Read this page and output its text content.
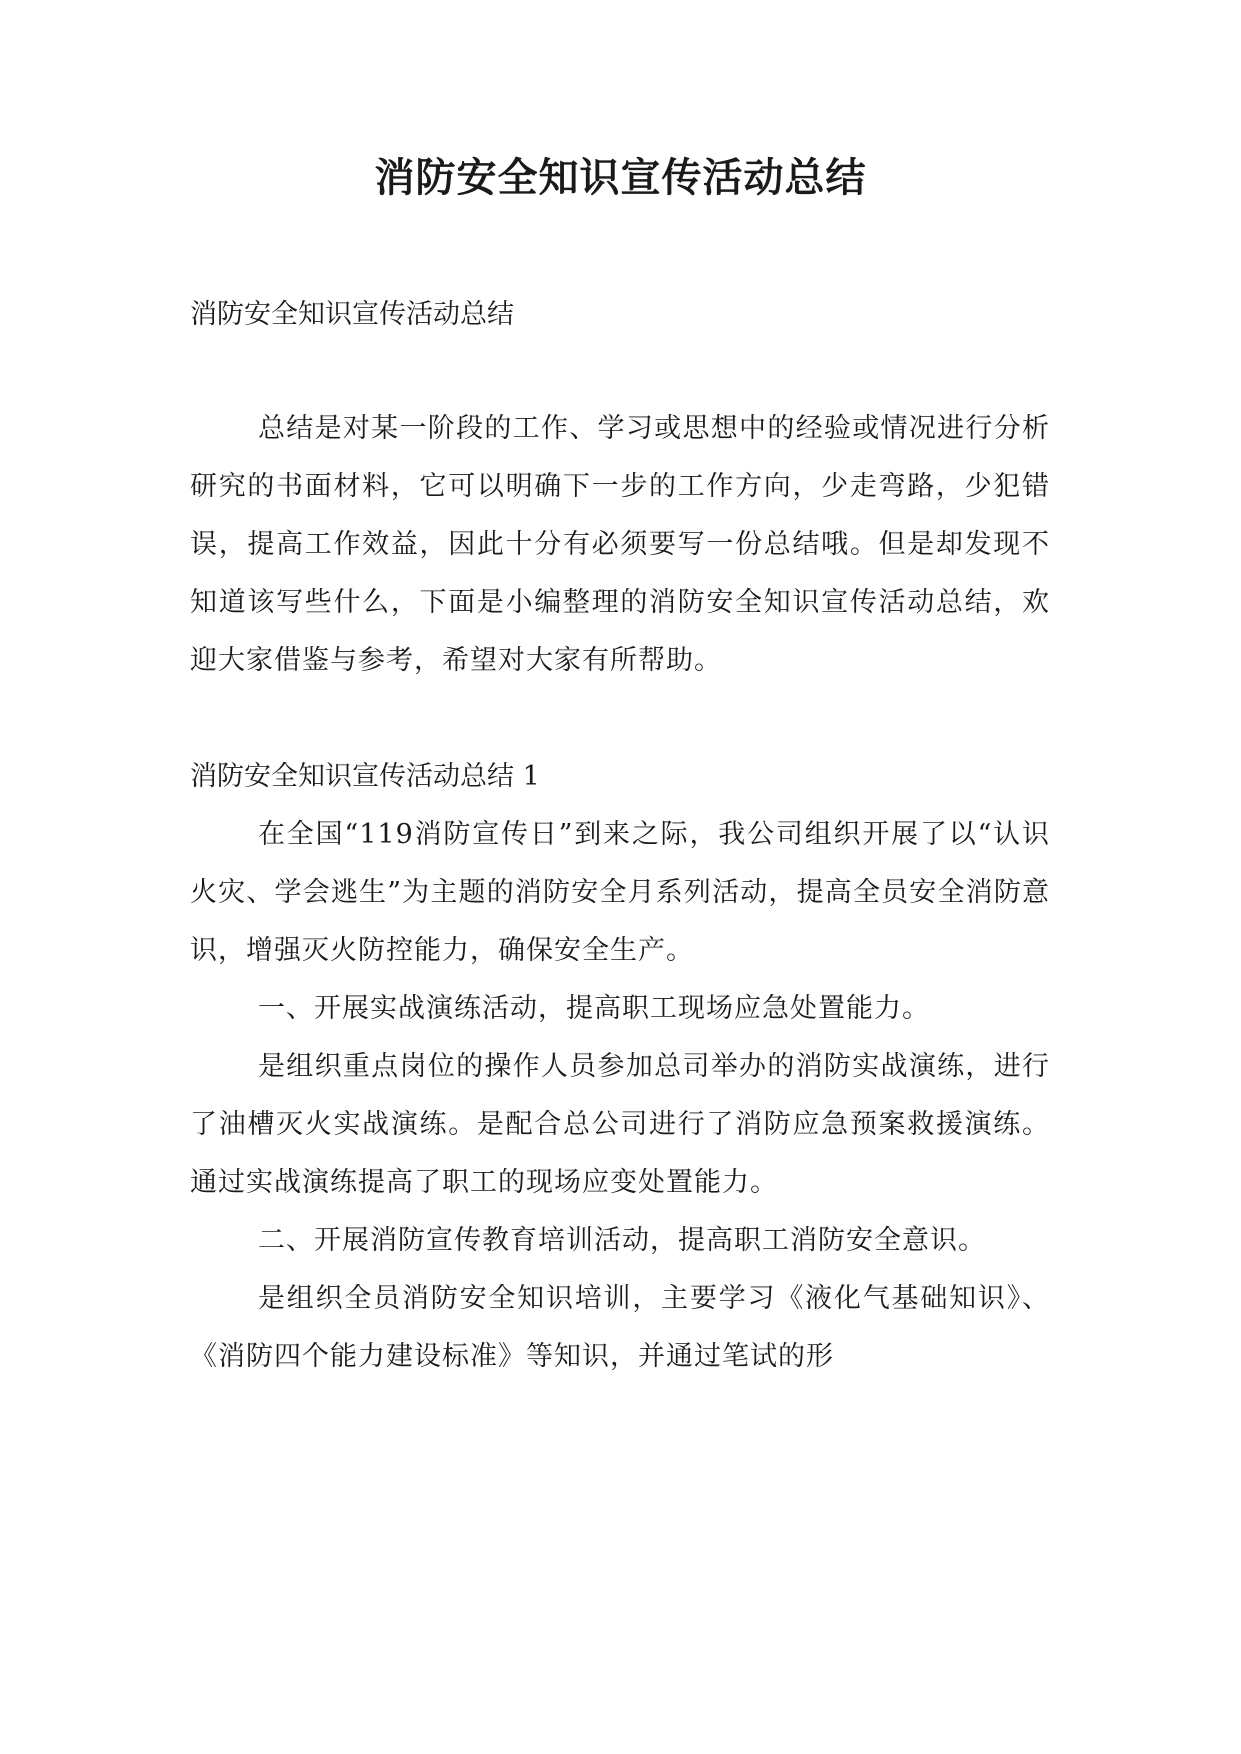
消防安全知识宣传活动总结

消防安全知识宣传活动总结

总结是对某一阶段的工作、学习或思想中的经验或情况进行分析研究的书面材料，它可以明确下一步的工作方向，少走弯路，少犯错误，提高工作效益，因此十分有必须要写一份总结哦。但是却发现不知道该写些什么，下面是小编整理的消防安全知识宣传活动总结，欢迎大家借鉴与参考，希望对大家有所帮助。

消防安全知识宣传活动总结 1

在全国“119消防宣传日”到来之际，我公司组织开展了以“认识火灾、学会逃生”为主题的消防安全月系列活动，提高全员安全消防意识，增强灭火防控能力，确保安全生产。

一、开展实战演练活动，提高职工现场应急处置能力。

是组织重点岗位的操作人员参加总司举办的消防实战演练，进行了油槽灭火实战演练。是配合总公司进行了消防应急预案救援演练。通过实战演练提高了职工的现场应变处置能力。

二、开展消防宣传教育培训活动，提高职工消防安全意识。

是组织全员消防安全知识培训，主要学习《液化气基础知识》、《消防四个能力建设标准》等知识，并通过笔试的形
